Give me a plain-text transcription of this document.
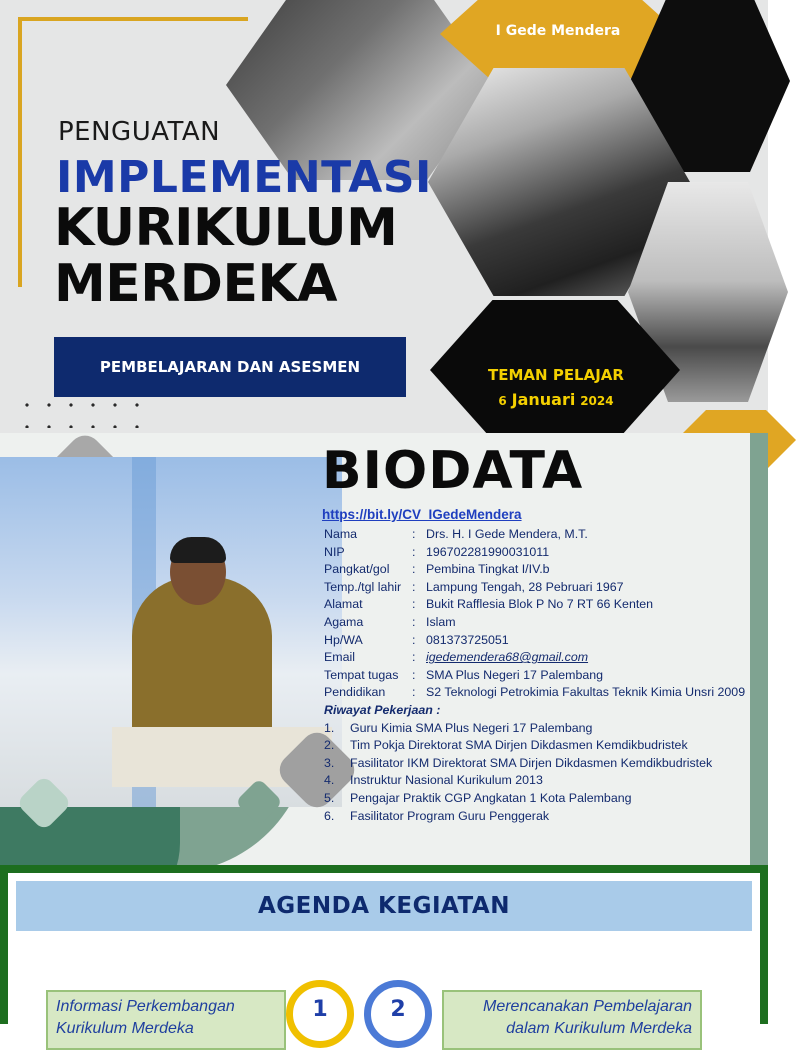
I Gede Mendera
PENGUATAN
IMPLEMENTASI
KURIKULUM
MERDEKA
PEMBELAJARAN DAN ASESMEN	TEMAN PELAJAR
6 Januari 2024
BIODATA
https://bit.ly/CV_IGedeMendera
Nama	: Drs. H. I Gede Mendera, M.T.
NIP	: 196702281990031011
Pangkat/gol	: Pembina Tingkat I/IV.b
Temp./tgl lahir : Lampung Tengah, 28 Pebruari 1967
Alamat	: Bukit Rafflesia Blok P No 7 RT 66 Kenten
Agama	: Islam
Hp/WA	: 081373725051
Email	: igedemendera68@gmail.com
Tempat tugas	: SMA Plus Negeri 17 Palembang
Pendidikan	: S2 Teknologi Petrokimia Fakultas Teknik Kimia Unsri 2009
Riwayat Pekerjaan :
1.	Guru Kimia SMA Plus Negeri 17 Palembang
2.	Tim Pokja Direktorat SMA Dirjen Dikdasmen Kemdikbudristek
3.	Fasilitator IKM Direktorat SMA Dirjen Dikdasmen Kemdikbudristek
4.	Instruktur Nasional Kurikulum 2013
5.	Pengajar Praktik CGP Angkatan 1 Kota Palembang
6.	Fasilitator Program Guru Penggerak
AGENDA KEGIATAN
Informasi Perkembangan Kurikulum Merdeka
1	2	Merencanakan Pembelajaran dalam Kurikulum Merdeka
